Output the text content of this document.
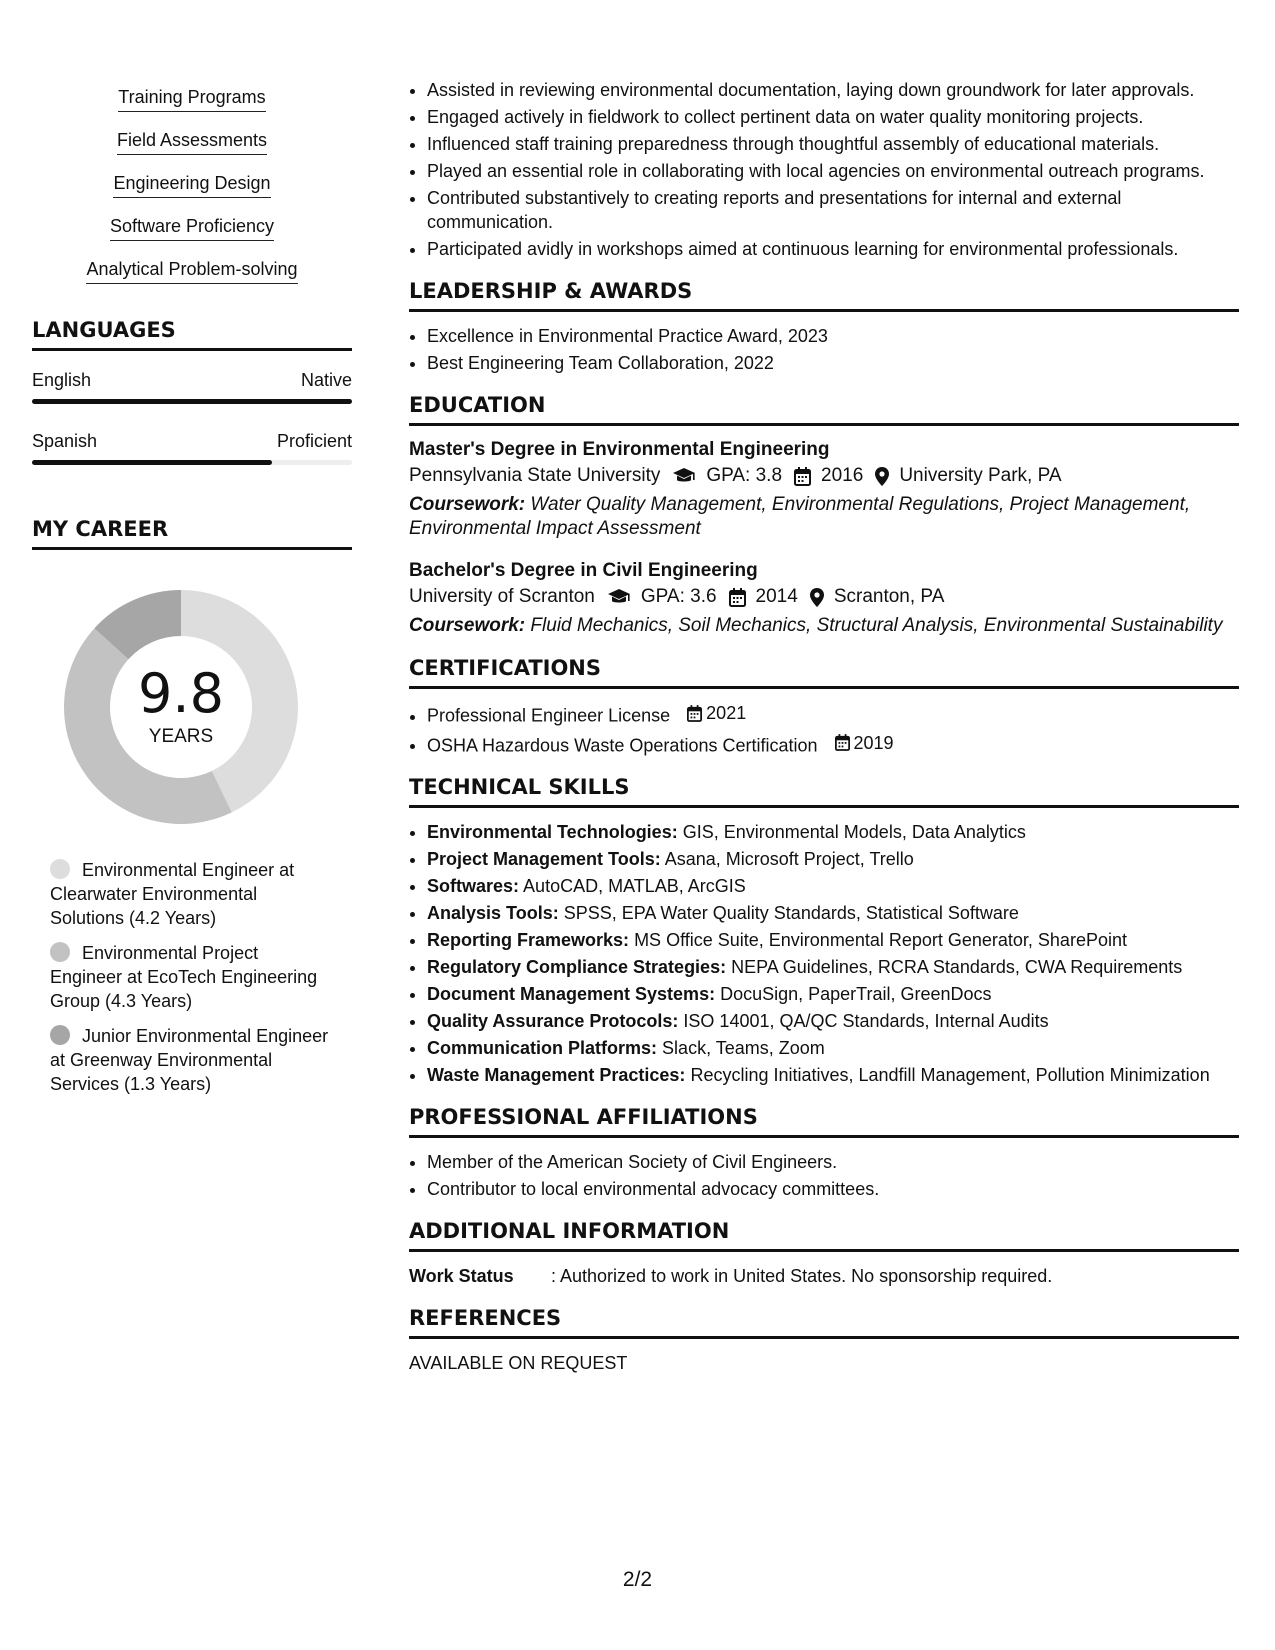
Training Programs
Field Assessments
Engineering Design
Software Proficiency
Analytical Problem-solving
LANGUAGES
English	Native
Spanish	Proficient
MY CAREER
9.8
YEARS
Environmental Engineer at Clearwater Environmental Solutions (4.2 Years)
Environmental Project Engineer at EcoTech Engineering Group (4.3 Years)
Junior Environmental Engineer at Greenway Environmental Services (1.3 Years)
• Assisted in reviewing environmental documentation, laying down groundwork for later approvals.
• Engaged actively in fieldwork to collect pertinent data on water quality monitoring projects.
• Influenced staff training preparedness through thoughtful assembly of educational materials.
• Played an essential role in collaborating with local agencies on environmental outreach programs.
• Contributed substantively to creating reports and presentations for internal and external communication.
• Participated avidly in workshops aimed at continuous learning for environmental professionals.
LEADERSHIP & AWARDS
• Excellence in Environmental Practice Award, 2023
• Best Engineering Team Collaboration, 2022
EDUCATION
Master's Degree in Environmental Engineering
Pennsylvania State University GPA: 3.8 2016 University Park, PA
Coursework: Water Quality Management, Environmental Regulations, Project Management, Environmental Impact Assessment
Bachelor's Degree in Civil Engineering
University of Scranton GPA: 3.6 2014 Scranton, PA
Coursework: Fluid Mechanics, Soil Mechanics, Structural Analysis, Environmental Sustainability
CERTIFICATIONS
• Professional Engineer License 2021
• OSHA Hazardous Waste Operations Certification 2019
TECHNICAL SKILLS
• Environmental Technologies: GIS, Environmental Models, Data Analytics
• Project Management Tools: Asana, Microsoft Project, Trello
• Softwares: AutoCAD, MATLAB, ArcGIS
• Analysis Tools: SPSS, EPA Water Quality Standards, Statistical Software
• Reporting Frameworks: MS Office Suite, Environmental Report Generator, SharePoint
• Regulatory Compliance Strategies: NEPA Guidelines, RCRA Standards, CWA Requirements
• Document Management Systems: DocuSign, PaperTrail, GreenDocs
• Quality Assurance Protocols: ISO 14001, QA/QC Standards, Internal Audits
• Communication Platforms: Slack, Teams, Zoom
• Waste Management Practices: Recycling Initiatives, Landfill Management, Pollution Minimization
PROFESSIONAL AFFILIATIONS
• Member of the American Society of Civil Engineers.
• Contributor to local environmental advocacy committees.
ADDITIONAL INFORMATION
Work Status	: Authorized to work in United States. No sponsorship required.
REFERENCES
AVAILABLE ON REQUEST
2/2
